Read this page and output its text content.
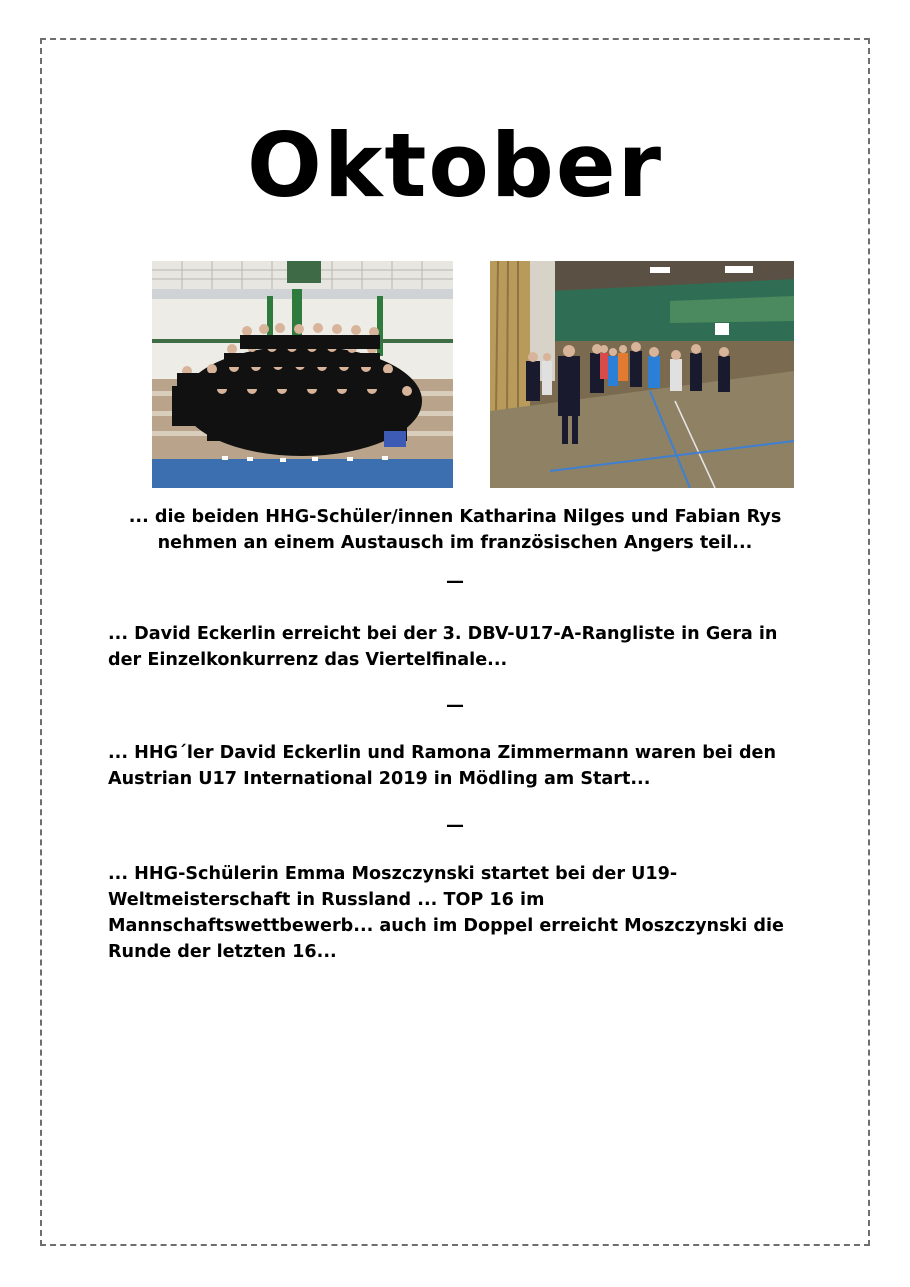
Oktober
... die beiden HHG-Schüler/innen Katharina Nilges und Fabian Rys
nehmen an einem Austausch im französischen Angers teil...
—
... David Eckerlin erreicht bei der 3. DBV-U17-A-Rangliste in Gera in
der Einzelkonkurrenz das Viertelfinale...
—
... HHG´ler David Eckerlin und Ramona Zimmermann waren bei den
Austrian U17 International 2019 in Mödling am Start...
—
... HHG-Schülerin Emma Moszczynski startet bei der U19-
Weltmeisterschaft in Russland ... TOP 16 im
Mannschaftswettbewerb... auch im Doppel erreicht Moszczynski die
Runde der letzten 16...
